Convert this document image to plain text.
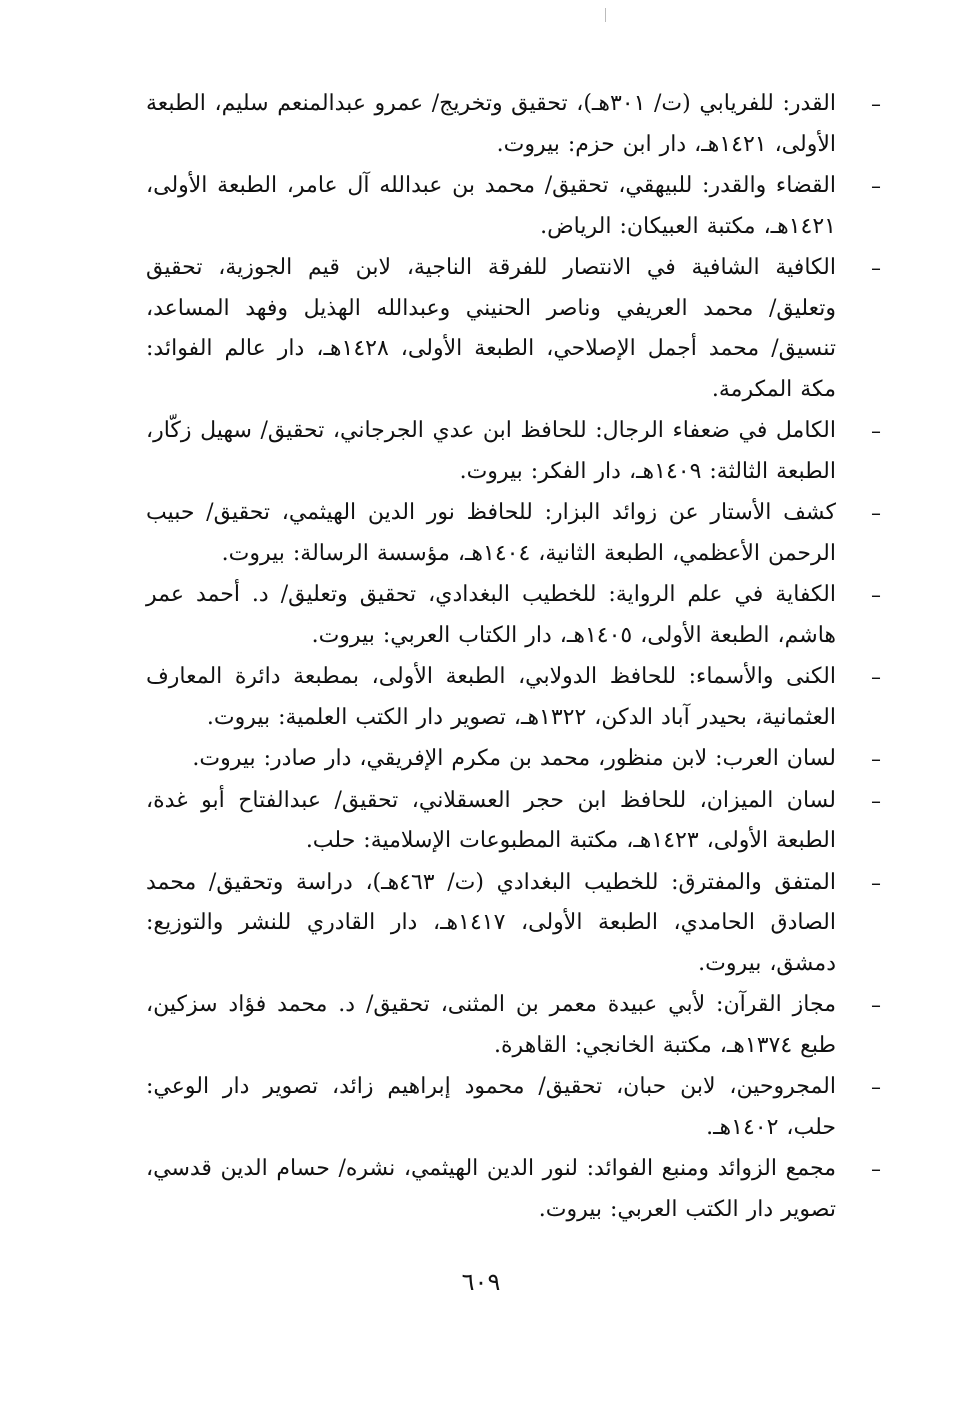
–
القدر: للفريابي (ت/ ٣٠١هـ)، تحقيق وتخريج/ عمرو عبدالمنعم سليم، الطبعة الأولى، ١٤٢١هـ، دار ابن حزم: بيروت.
–
القضاء والقدر: للبيهقي، تحقيق/ محمد بن عبدالله آل عامر، الطبعة الأولى، ١٤٢١هـ، مكتبة العبيكان: الرياض.
–
الكافية الشافية في الانتصار للفرقة الناجية، لابن قيم الجوزية، تحقيق وتعليق/ محمد العريفي وناصر الحنيني وعبدالله الهذيل وفهد المساعد، تنسيق/ محمد أجمل الإصلاحي، الطبعة الأولى، ١٤٢٨هـ، دار عالم الفوائد: مكة المكرمة.
–
الكامل في ضعفاء الرجال: للحافظ ابن عدي الجرجاني، تحقيق/ سهيل زكّار، الطبعة الثالثة: ١٤٠٩هـ، دار الفكر: بيروت.
–
كشف الأستار عن زوائد البزار: للحافظ نور الدين الهيثمي، تحقيق/ حبيب الرحمن الأعظمي، الطبعة الثانية، ١٤٠٤هـ، مؤسسة الرسالة: بيروت.
–
الكفاية في علم الرواية: للخطيب البغدادي، تحقيق وتعليق/ د. أحمد عمر هاشم، الطبعة الأولى، ١٤٠٥هـ، دار الكتاب العربي: بيروت.
–
الكنى والأسماء: للحافظ الدولابي، الطبعة الأولى، بمطبعة دائرة المعارف العثمانية، بحيدر آباد الدكن، ١٣٢٢هـ، تصوير دار الكتب العلمية: بيروت.
–
لسان العرب: لابن منظور، محمد بن مكرم الإفريقي، دار صادر: بيروت.
–
لسان الميزان، للحافظ ابن حجر العسقلاني، تحقيق/ عبدالفتاح أبو غدة، الطبعة الأولى، ١٤٢٣هـ، مكتبة المطبوعات الإسلامية: حلب.
–
المتفق والمفترق: للخطيب البغدادي (ت/ ٤٦٣هـ)، دراسة وتحقيق/ محمد الصادق الحامدي، الطبعة الأولى، ١٤١٧هـ، دار القادري للنشر والتوزيع: دمشق، بيروت.
–
مجاز القرآن: لأبي عبيدة معمر بن المثنى، تحقيق/ د. محمد فؤاد سزكين، طبع ١٣٧٤هـ، مكتبة الخانجي: القاهرة.
–
المجروحين، لابن حبان، تحقيق/ محمود إبراهيم زائد، تصوير دار الوعي: حلب، ١٤٠٢هـ.
–
مجمع الزوائد ومنبع الفوائد: لنور الدين الهيثمي، نشره/ حسام الدين قدسي، تصوير دار الكتب العربي: بيروت.
٦٠٩
